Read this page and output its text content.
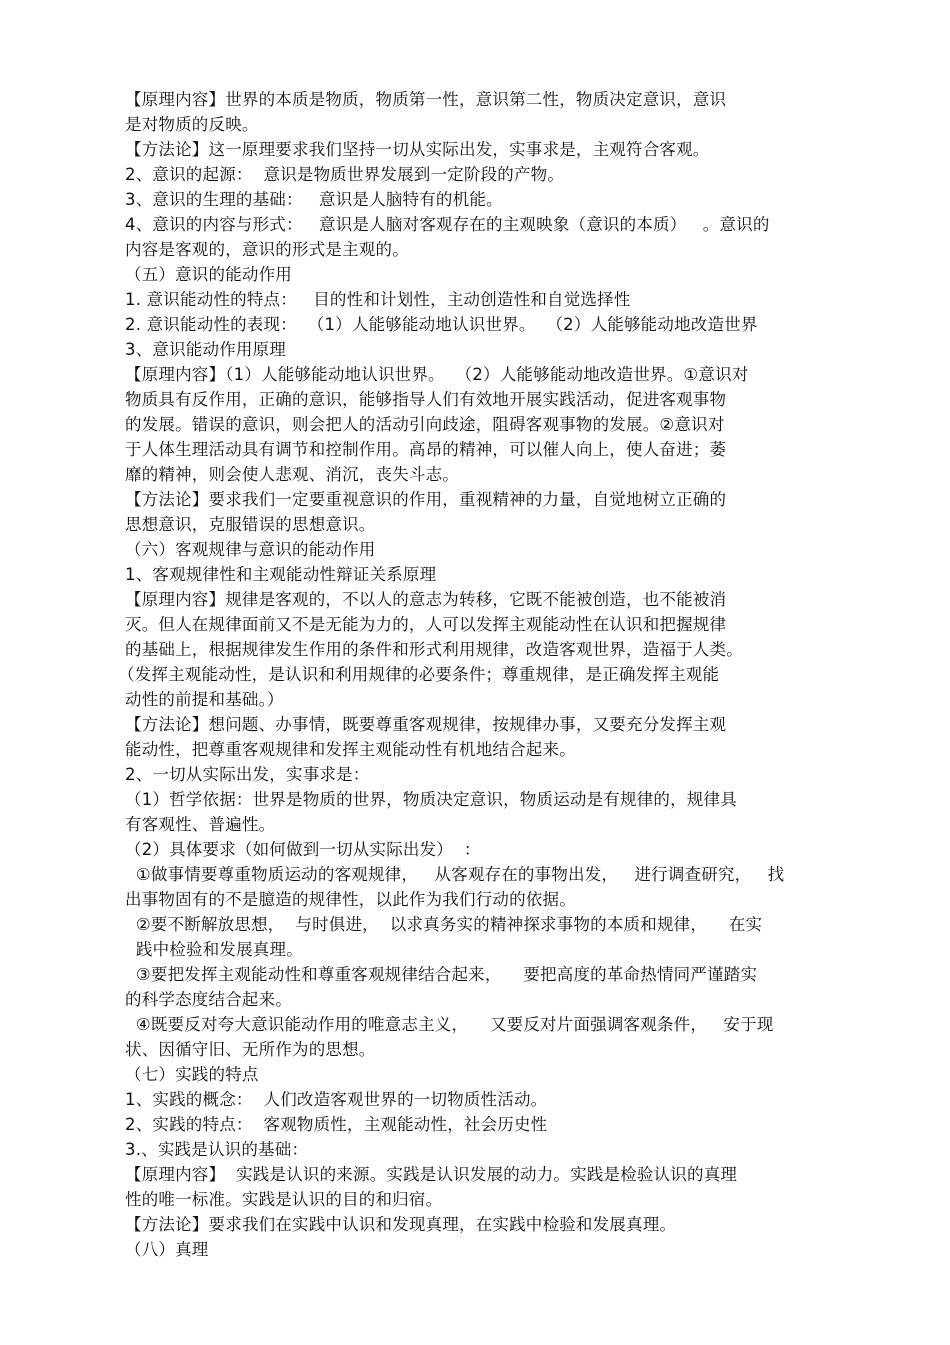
【原理内容】世界的本质是物质，物质第一性，意识第二性，物质决定意识，意识
是对物质的反映。
【方法论】这一原理要求我们坚持一切从实际出发，实事求是，主观符合客观。
2、意识的起源：  意识是物质世界发展到一定阶段的产物。
3、意识的生理的基础：   意识是人脑特有的机能。
4、意识的内容与形式：   意识是人脑对客观存在的主观映象（意识的本质）   。意识的
内容是客观的，意识的形式是主观的。
（五）意识的能动作用
1. 意识能动性的特点：   目的性和计划性，主动创造性和自觉选择性
2. 意识能动性的表现：  （1）人能够能动地认识世界。  （2）人能够能动地改造世界
3、意识能动作用原理
【原理内容】（1）人能够能动地认识世界。  （2）人能够能动地改造世界。①意识对
物质具有反作用，正确的意识，能够指导人们有效地开展实践活动，促进客观事物
的发展。错误的意识，则会把人的活动引向歧途，阻碍客观事物的发展。②意识对
于人体生理活动具有调节和控制作用。高昂的精神，可以催人向上，使人奋进；萎
靡的精神，则会使人悲观、消沉，丧失斗志。
【方法论】要求我们一定要重视意识的作用，重视精神的力量，自觉地树立正确的
思想意识，克服错误的思想意识。
（六）客观规律与意识的能动作用
1、客观规律性和主观能动性辩证关系原理
【原理内容】规律是客观的，不以人的意志为转移，它既不能被创造，也不能被消
灭。但人在规律面前又不是无能为力的，人可以发挥主观能动性在认识和把握规律
的基础上，根据规律发生作用的条件和形式利用规律，改造客观世界，造福于人类。
（发挥主观能动性，是认识和利用规律的必要条件；尊重规律，是正确发挥主观能
动性的前提和基础。）
【方法论】想问题、办事情，既要尊重客观规律，按规律办事，又要充分发挥主观
能动性，把尊重客观规律和发挥主观能动性有机地结合起来。
2、一切从实际出发，实事求是：
（1）哲学依据：世界是物质的世界，物质决定意识，物质运动是有规律的，规律具
有客观性、普遍性。
（2）具体要求（如何做到一切从实际出发）  ：
①做事情要尊重物质运动的客观规律，   从客观存在的事物出发，   进行调查研究，   找
出事物固有的不是臆造的规律性，以此作为我们行动的依据。
②要不断解放思想，  与时俱进，  以求真务实的精神探求事物的本质和规律，    在实
践中检验和发展真理。
③要把发挥主观能动性和尊重客观规律结合起来，    要把高度的革命热情同严谨踏实
的科学态度结合起来。
④既要反对夸大意识能动作用的唯意志主义，    又要反对片面强调客观条件，   安于现
状、因循守旧、无所作为的思想。
（七）实践的特点
1、实践的概念：  人们改造客观世界的一切物质性活动。
2、实践的特点：  客观物质性，主观能动性，社会历史性
3.、实践是认识的基础：
【原理内容】  实践是认识的来源。实践是认识发展的动力。实践是检验认识的真理
性的唯一标准。实践是认识的目的和归宿。
【方法论】要求我们在实践中认识和发现真理，在实践中检验和发展真理。
（八）真理
